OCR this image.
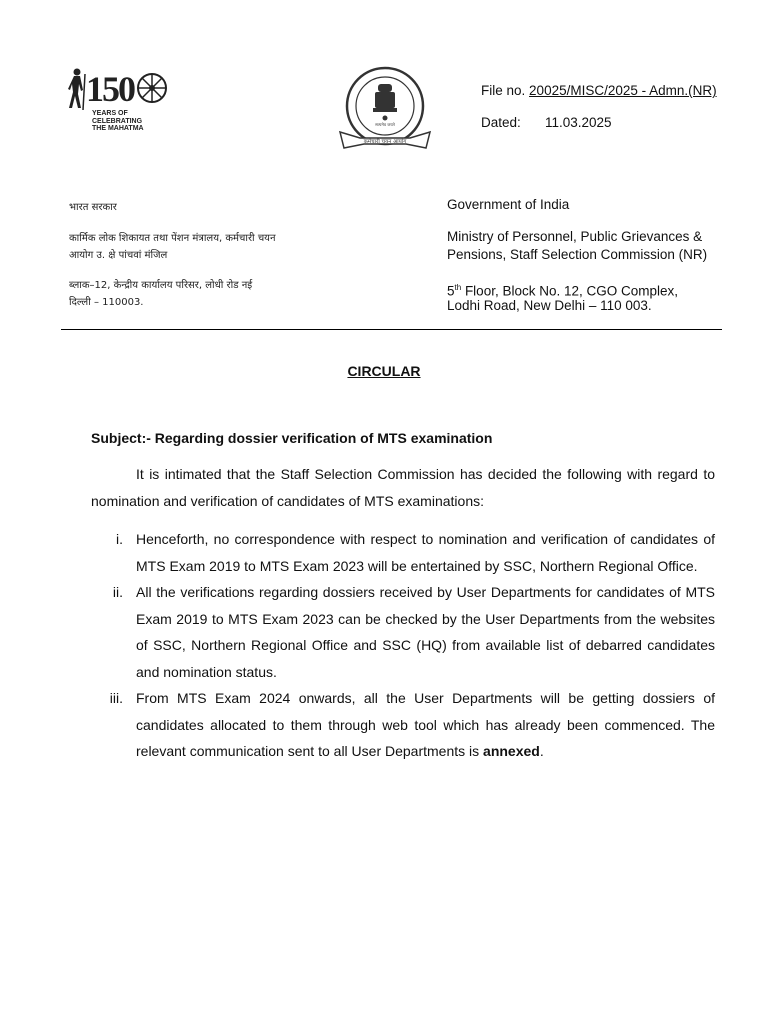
150
YEARS OF
CELEBRATING
THE MAHATMA
कर्मचारी चयन आयोग
सत्यमेव जयते
File no. 20025/MISC/2025 - Admn.(NR)
Dated: 11.03.2025
भारत सरकार
कार्मिक लोक शिकायत तथा पेंशन मंत्रालय, कर्मचारी चयन
आयोग उ. क्षे पांचवां मंजिल
ब्लाक–12, केन्द्रीय कार्यालय परिसर, लोधी रोड नई
दिल्ली – 110003.
Government of India
Ministry of Personnel, Public Grievances &
Pensions, Staff Selection Commission (NR)
5th Floor, Block No. 12, CGO Complex,
Lodhi Road, New Delhi – 110 003.
CIRCULAR
Subject:- Regarding dossier verification of MTS examination
It is intimated that the Staff Selection Commission has decided the following with regard to nomination and verification of candidates of MTS examinations:
i. Henceforth, no correspondence with respect to nomination and verification of candidates of MTS Exam 2019 to MTS Exam 2023 will be entertained by SSC, Northern Regional Office.
ii. All the verifications regarding dossiers received by User Departments for candidates of MTS Exam 2019 to MTS Exam 2023 can be checked by the User Departments from the websites of SSC, Northern Regional Office and SSC (HQ) from available list of debarred candidates and nomination status.
iii. From MTS Exam 2024 onwards, all the User Departments will be getting dossiers of candidates allocated to them through web tool which has already been commenced. The relevant communication sent to all User Departments is annexed.
